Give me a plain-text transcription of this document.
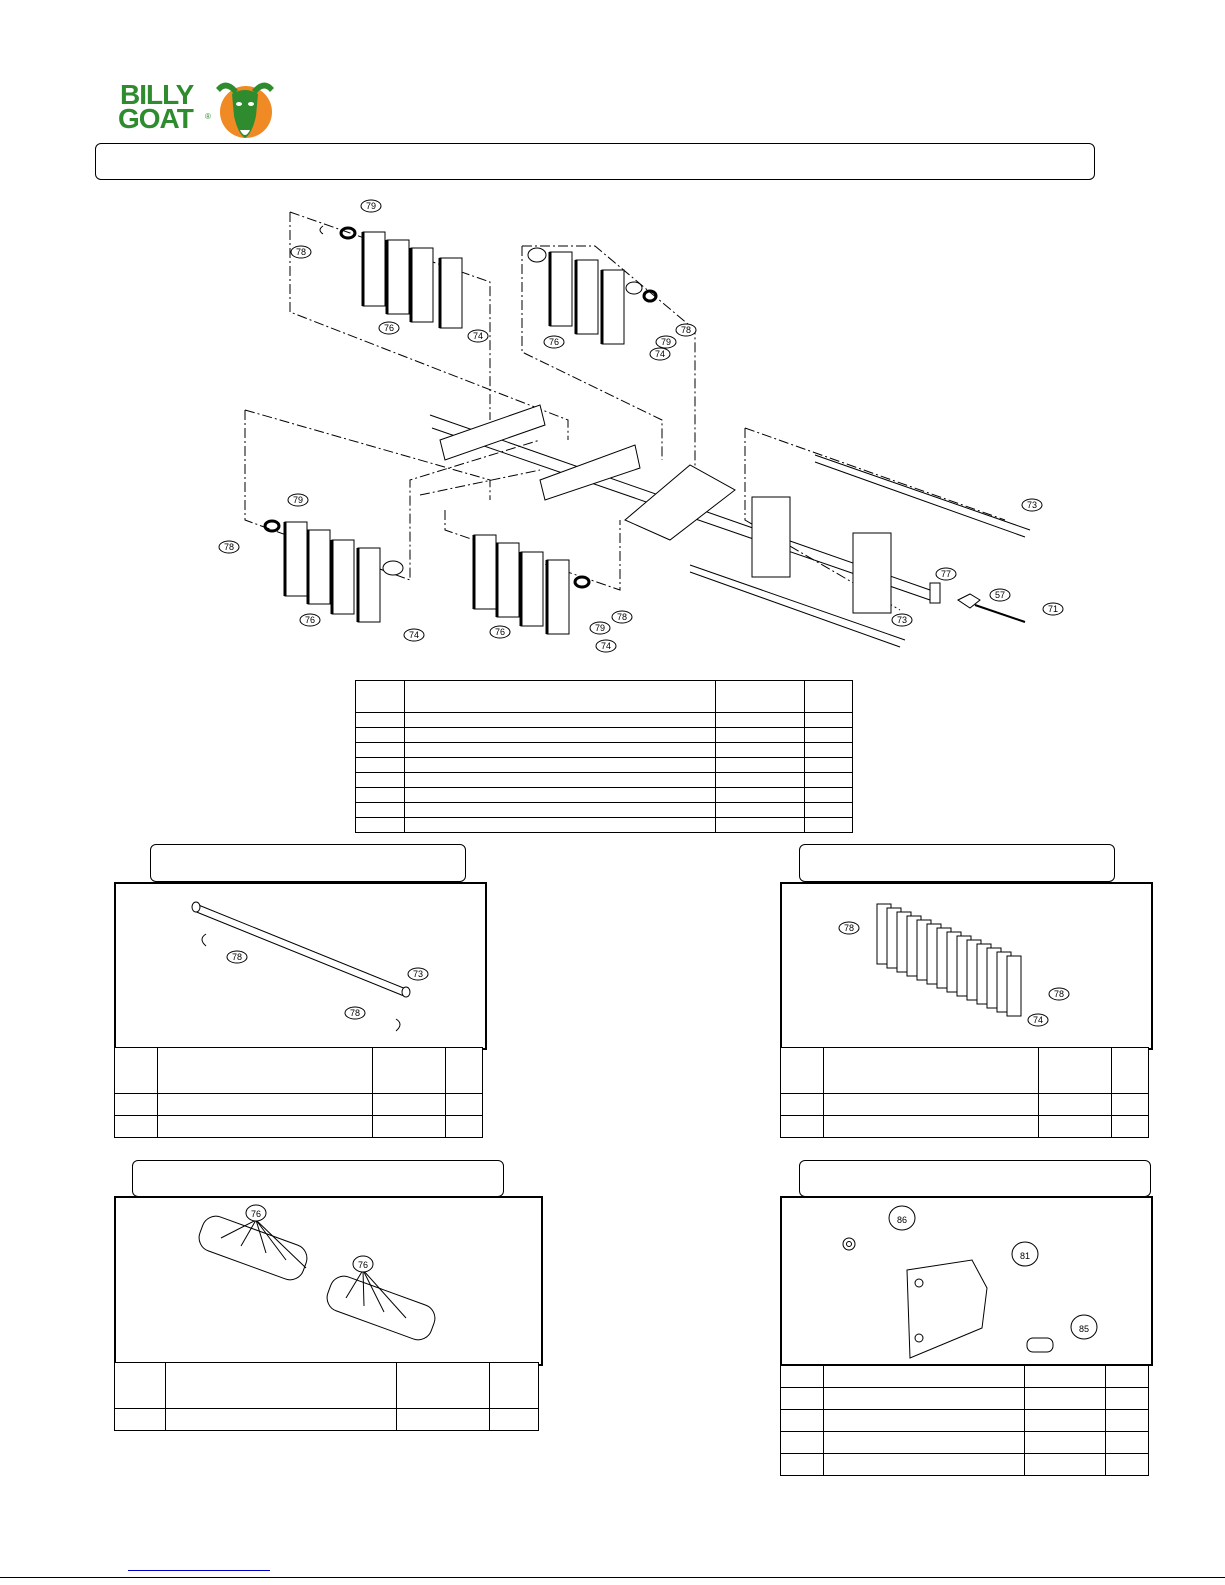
BILLY
GOAT ®
79
78
76
74
76
74
79
78
79
78
76
74	76
74
79
78
73
77
57
71
73

78
73
78

78
74
78

76
76

86
81
85
